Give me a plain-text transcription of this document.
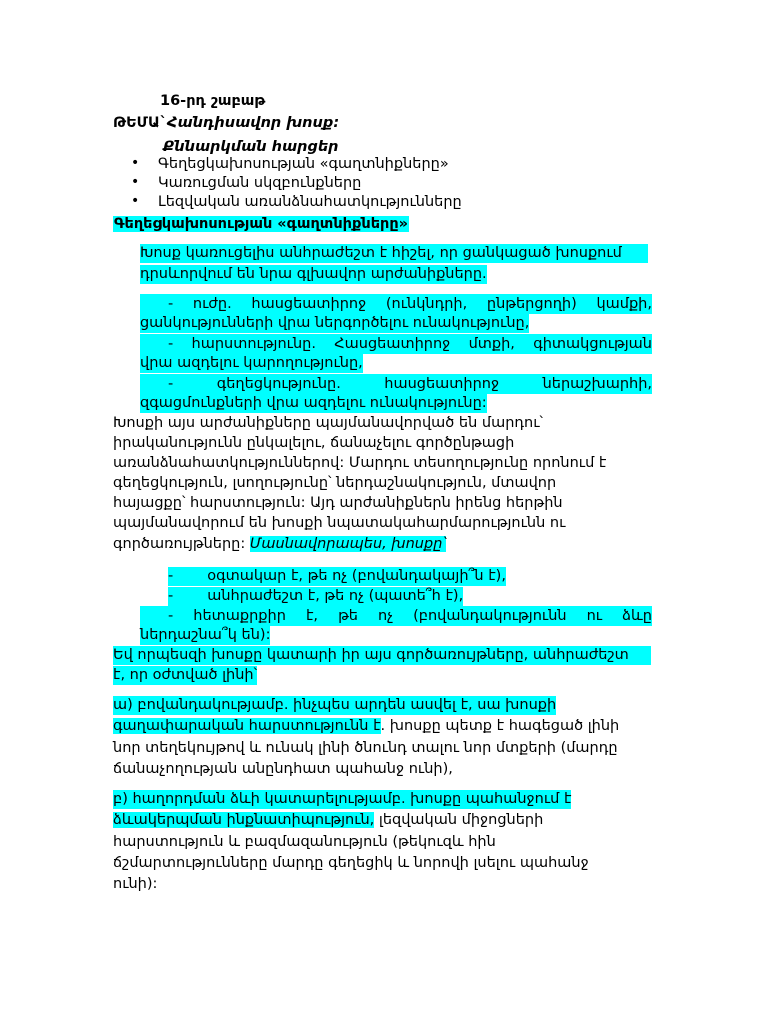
16-րդ շաբաթ
ԹԵՄԱ`Հանդիսավոր խոսք:
Քննարկման հարցեր
• Գեղեցկախոսության «գաղտնիքները»
• Կառուցման սկզբունքները
• Լեզվական առանձնահատկությունները
Գեղեցկախոսության «գաղտնիքները»
Խոսք կառուցելիս անհրաժեշտ է հիշել, որ ցանկացած խոսքում
դրսևորվում են նրա գլխավոր արժանիքները.
- ուժը. հասցեատիրոջ (ունկնդրի, ընթերցողի) կամքի,
ցանկությունների վրա ներգործելու ունակությունը,
- հարստությունը. Հասցեատիրոջ մտքի, գիտակցության
վրա ազդելու կարողությունը,
-	գեղեցկությունը.	հասցեատիրոջ	ներաշխարհի,
զգացմունքների վրա ազդելու ունակությունը:
Խոսքի այս արժանիքները պայմանավորված են մարդու՝
իրականությունն ընկալելու, ճանաչելու գործընթացի
առանձնահատկություններով: Մարդու տեսողությունը որոնում է
գեղեցկություն, լսողությունը՝ ներդաշնակություն, մտավոր
հայացքը՝ հարստություն: Այդ արժանիքներն իրենց հերթին
պայմանավորում են խոսքի նպատակահարմարությունն ու
գործառույթները: Մասնավորապես, խոսքը՝
- օգտակար է, թե ոչ (բովանդակայի՞ն է),
- անհրաժեշտ է, թե ոչ (պատե՞հ է),
- հետաքրքիր է, թե ոչ (բովանդակությունն ու ձևը
ներդաշնա՞կ են):
Եվ որպեսզի խոսքը կատարի իր այս գործառույթները, անհրաժեշտ
է, որ օժտված լինի՝
ա) բովանդակությամբ. ինչպես արդեն ասվել է, սա խոսքի
գաղափարական հարստությունն է. խոսքը պետք է հագեցած լինի
նոր տեղեկույթով և ունակ լինի ծնունդ տալու նոր մտքերի (մարդը
ճանաչողության անընդհատ պահանջ ունի),
բ) հաղորդման ձևի կատարելությամբ. խոսքը պահանջում է
ձևակերպման ինքնատիպություն, լեզվական միջոցների
հարստություն և բազմազանություն (թեկուզև հին
ճշմարտությունները մարդը գեղեցիկ և նորովի լսելու պահանջ
ունի):
